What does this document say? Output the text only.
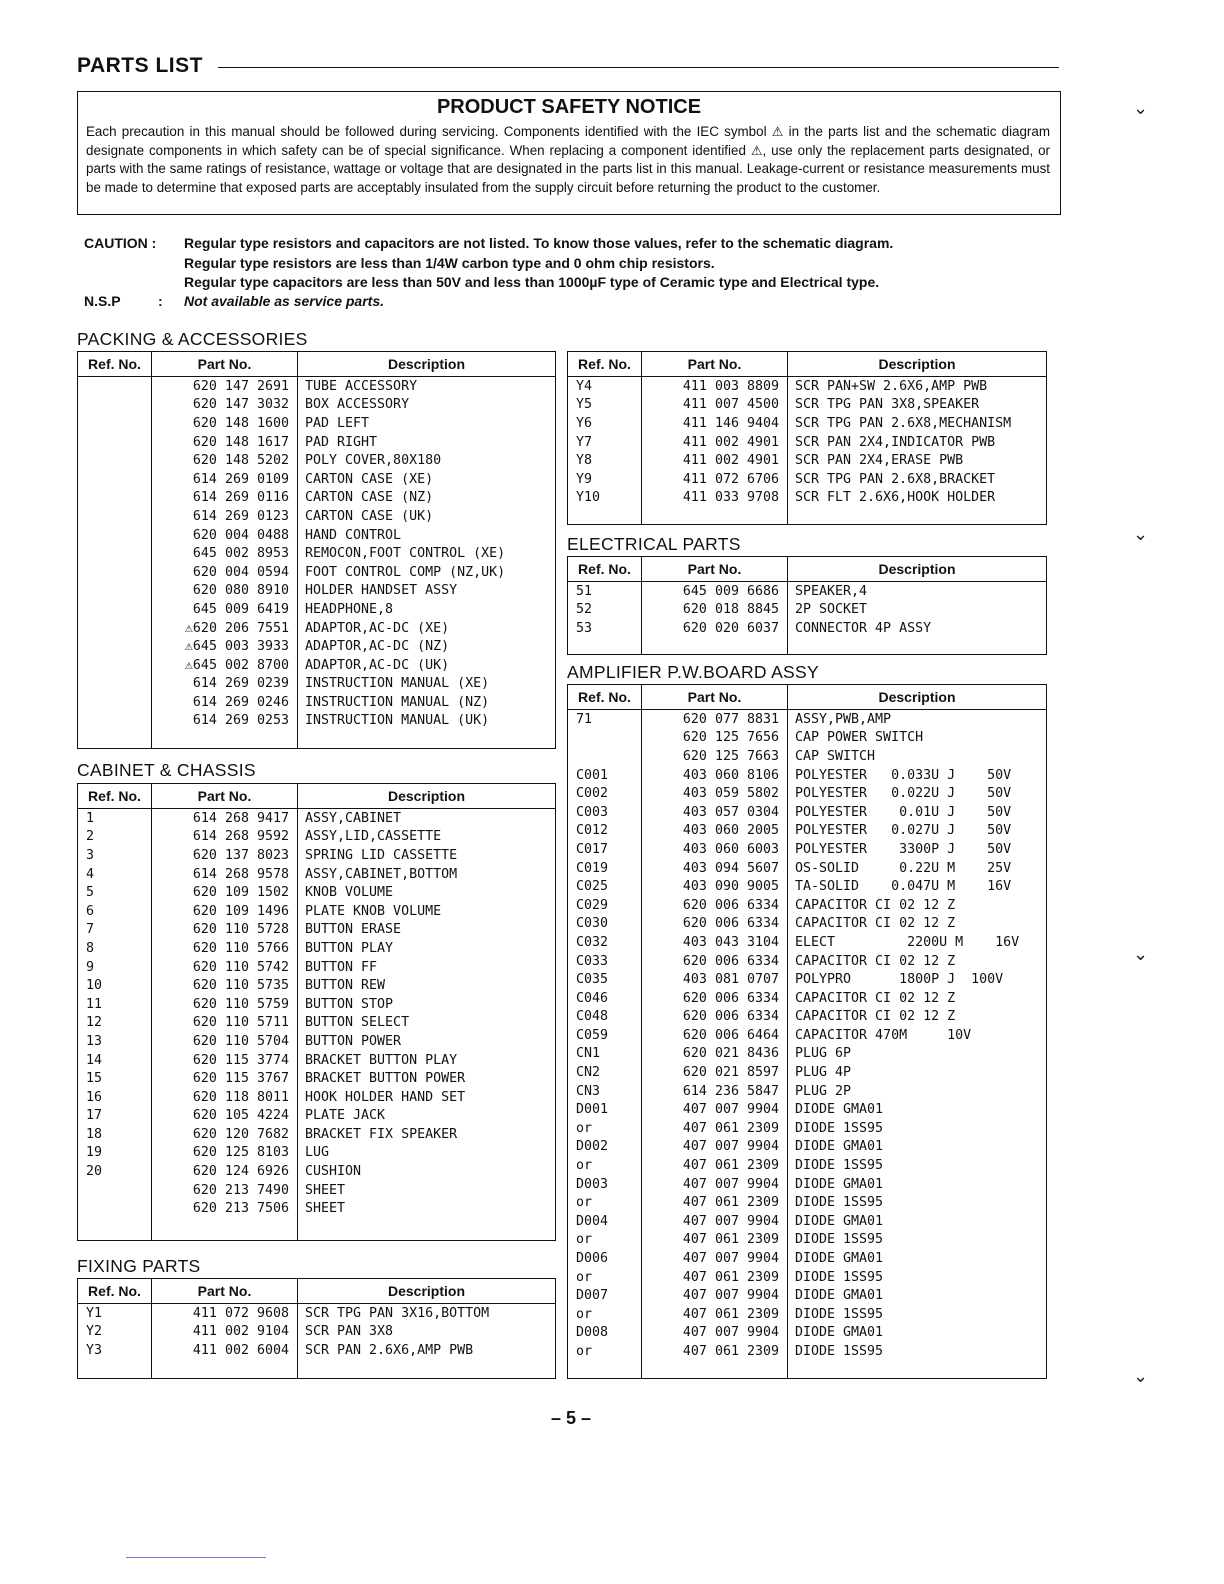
PARTS LIST
PRODUCT SAFETY NOTICE
Each precaution in this manual should be followed during servicing. Components identified with the IEC symbol ⚠ in the parts list and the schematic diagram designate components in which safety can be of special significance. When replacing a component identified ⚠, use only the replacement parts designated, or parts with the same ratings of resistance, wattage or voltage that are designated in the parts list in this manual. Leakage-current or resistance measurements must be made to determine that exposed parts are acceptably insulated from the supply circuit before returning the product to the customer.
CAUTION : Regular type resistors and capacitors are not listed. To know those values, refer to the schematic diagram.
Regular type resistors are less than 1/4W carbon type and 0 ohm chip resistors.
Regular type capacitors are less than 50V and less than 1000µF type of Ceramic type and Electrical type.
N.S.P	: Not available as service parts.
PACKING & ACCESSORIES
CABINET & CHASSIS
FIXING PARTS
ELECTRICAL PARTS
AMPLIFIER P.W.BOARD ASSY
Ref. No.	Part No.	Description
	620 147 2691	TUBE ACCESSORY
	620 147 3032	BOX ACCESSORY
	620 148 1600	PAD LEFT
	620 148 1617	PAD RIGHT
	620 148 5202	POLY COVER,80X180
	614 269 0109	CARTON CASE (XE)
	614 269 0116	CARTON CASE (NZ)
	614 269 0123	CARTON CASE (UK)
	620 004 0488	HAND CONTROL
	645 002 8953	REMOCON,FOOT CONTROL (XE)
	620 004 0594	FOOT CONTROL COMP (NZ,UK)
	620 080 8910	HOLDER HANDSET ASSY
	645 009 6419	HEADPHONE,8
	⚠620 206 7551	ADAPTOR,AC-DC (XE)
	⚠645 003 3933	ADAPTOR,AC-DC (NZ)
	⚠645 002 8700	ADAPTOR,AC-DC (UK)
	614 269 0239	INSTRUCTION MANUAL (XE)
	614 269 0246	INSTRUCTION MANUAL (NZ)
	614 269 0253	INSTRUCTION MANUAL (UK)

Ref. No.	Part No.	Description
1	614 268 9417	ASSY,CABINET
2	614 268 9592	ASSY,LID,CASSETTE
3	620 137 8023	SPRING LID CASSETTE
4	614 268 9578	ASSY,CABINET,BOTTOM
5	620 109 1502	KNOB VOLUME
6	620 109 1496	PLATE KNOB VOLUME
7	620 110 5728	BUTTON ERASE
8	620 110 5766	BUTTON PLAY
9	620 110 5742	BUTTON FF
10	620 110 5735	BUTTON REW
11	620 110 5759	BUTTON STOP
12	620 110 5711	BUTTON SELECT
13	620 110 5704	BUTTON POWER
14	620 115 3774	BRACKET BUTTON PLAY
15	620 115 3767	BRACKET BUTTON POWER
16	620 118 8011	HOOK HOLDER HAND SET
17	620 105 4224	PLATE JACK
18	620 120 7682	BRACKET FIX SPEAKER
19	620 125 8103	LUG
20	620 124 6926	CUSHION
	620 213 7490	SHEET
	620 213 7506	SHEET

Ref. No.	Part No.	Description
Y1	411 072 9608	SCR TPG PAN 3X16,BOTTOM
Y2	411 002 9104	SCR PAN 3X8
Y3	411 002 6004	SCR PAN 2.6X6,AMP PWB

Ref. No.	Part No.	Description
Y4	411 003 8809	SCR PAN+SW 2.6X6,AMP PWB
Y5	411 007 4500	SCR TPG PAN 3X8,SPEAKER
Y6	411 146 9404	SCR TPG PAN 2.6X8,MECHANISM
Y7	411 002 4901	SCR PAN 2X4,INDICATOR PWB
Y8	411 002 4901	SCR PAN 2X4,ERASE PWB
Y9	411 072 6706	SCR TPG PAN 2.6X8,BRACKET
Y10	411 033 9708	SCR FLT 2.6X6,HOOK HOLDER

Ref. No.	Part No.	Description
51	645 009 6686	SPEAKER,4
52	620 018 8845	2P SOCKET
53	620 020 6037	CONNECTOR 4P ASSY

Ref. No.	Part No.	Description
71	620 077 8831	ASSY,PWB,AMP
	620 125 7656	CAP POWER SWITCH
	620 125 7663	CAP SWITCH
C001	403 060 8106	POLYESTER   0.033U J    50V
C002	403 059 5802	POLYESTER   0.022U J    50V
C003	403 057 0304	POLYESTER    0.01U J    50V
C012	403 060 2005	POLYESTER   0.027U J    50V
C017	403 060 6003	POLYESTER    3300P J    50V
C019	403 094 5607	OS-SOLID     0.22U M    25V
C025	403 090 9005	TA-SOLID    0.047U M    16V
C029	620 006 6334	CAPACITOR CI 02 12 Z
C030	620 006 6334	CAPACITOR CI 02 12 Z
C032	403 043 3104	ELECT         2200U M    16V
C033	620 006 6334	CAPACITOR CI 02 12 Z
C035	403 081 0707	POLYPRO      1800P J  100V
C046	620 006 6334	CAPACITOR CI 02 12 Z
C048	620 006 6334	CAPACITOR CI 02 12 Z
C059	620 006 6464	CAPACITOR 470M     10V
CN1	620 021 8436	PLUG 6P
CN2	620 021 8597	PLUG 4P
CN3	614 236 5847	PLUG 2P
D001	407 007 9904	DIODE GMA01
or	407 061 2309	DIODE 1SS95
D002	407 007 9904	DIODE GMA01
or	407 061 2309	DIODE 1SS95
D003	407 007 9904	DIODE GMA01
or	407 061 2309	DIODE 1SS95
D004	407 007 9904	DIODE GMA01
or	407 061 2309	DIODE 1SS95
D006	407 007 9904	DIODE GMA01
or	407 061 2309	DIODE 1SS95
D007	407 007 9904	DIODE GMA01
or	407 061 2309	DIODE 1SS95
D008	407 007 9904	DIODE GMA01
or	407 061 2309	DIODE 1SS95

– 5 –
⌄
⌄
⌄
⌄
